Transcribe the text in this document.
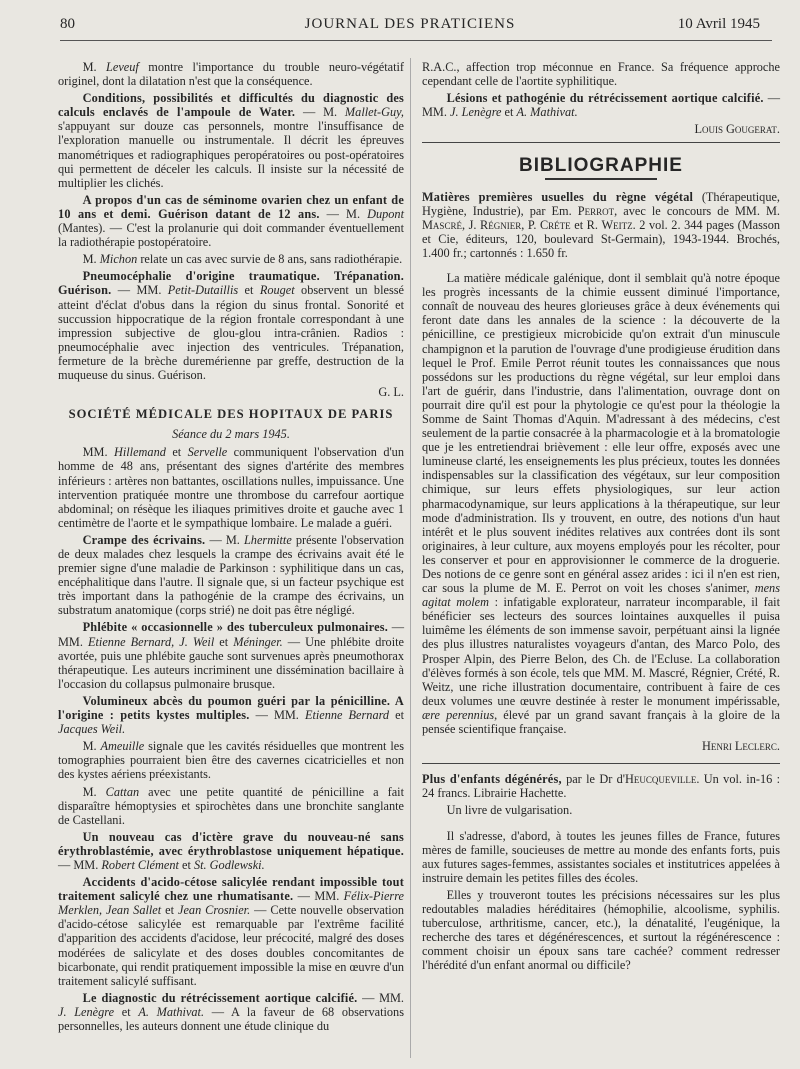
80	JOURNAL DES PRATICIENS	10 Avril 1945

M. Leveuf montre l'importance du trouble neuro-végétatif originel, dont la dilatation n'est que la conséquence.

Conditions, possibilités et difficultés du diagnostic des calculs enclavés de l'ampoule de Water. — M. Mallet-Guy, s'appuyant sur douze cas personnels, montre l'insuffisance de l'exploration manuelle ou instrumentale. Il décrit les épreuves manométriques et radiographiques peropératoires ou post-opératoires qui permettent de déceler les calculs. Il insiste sur la nécessité de multiplier les clichés.

A propos d'un cas de séminome ovarien chez un enfant de 10 ans et demi. Guérison datant de 12 ans. — M. Dupont (Mantes). — C'est la prolanurie qui doit commander éventuellement la radiothérapie postopératoire.

M. Michon relate un cas avec survie de 8 ans, sans radiothérapie.

Pneumocéphalie d'origine traumatique. Trépanation. Guérison. — MM. Petit-Dutaillis et Rouget observent un blessé atteint d'éclat d'obus dans la région du sinus frontal. Sonorité et succussion hippocratique de la région frontale correspondant à une impression subjective de glou-glou intra-crânien. Radios : pneumocéphalie avec injection des ventricules. Trépanation, fermeture de la brèche duremérienne par greffe, destruction de la muqueuse du sinus. Guérison.

G. L.
SOCIÉTÉ MÉDICALE DES HOPITAUX DE PARIS
Séance du 2 mars 1945.

MM. Hillemand et Servelle communiquent l'observation d'un homme de 48 ans, présentant des signes d'artérite des membres inférieurs : artères non battantes, oscillations nulles, impuissance. Une intervention pratiquée montre une thrombose du carrefour aortique abdominal; on résèque les iliaques primitives droite et gauche avec 1 centimètre de l'aorte et le sympathique lombaire. Le malade a guéri.

Crampe des écrivains. — M. Lhermitte présente l'observation de deux malades chez lesquels la crampe des écrivains avait été le premier signe d'une maladie de Parkinson : syphilitique dans un cas, encéphalitique dans l'autre. Il signale que, si un facteur psychique est très important dans la pathogénie de la crampe des écrivains, un substratum anatomique (corps strié) ne doit pas être négligé.

Phlébite « occasionnelle » des tuberculeux pulmonaires. — MM. Etienne Bernard, J. Weil et Méninger. — Une phlébite droite avortée, puis une phlébite gauche sont survenues après pneumothorax thérapeutique. Les auteurs incriminent une dissémination bacillaire à l'occasion du collapsus pulmonaire brusque.

Volumineux abcès du poumon guéri par la pénicilline. A l'origine : petits kystes multiples. — MM. Etienne Bernard et Jacques Weil.

M. Ameuille signale que les cavités résiduelles que montrent les tomographies pourraient bien être des cavernes cicatricielles et non des kystes aériens préexistants.

M. Cattan avec une petite quantité de pénicilline a fait disparaître hémoptysies et spirochètes dans une bronchite sanglante de Castellani.

Un nouveau cas d'ictère grave du nouveau-né sans érythroblastémie, avec érythroblastose uniquement hépatique. — MM. Robert Clément et St. Godlewski.

Accidents d'acido-cétose salicylée rendant impossible tout traitement salicylé chez une rhumatisante. — MM. Félix-Pierre Merklen, Jean Sallet et Jean Crosnier. — Cette nouvelle observation d'acido-cétose salicylée est remarquable par l'extrême facilité d'apparition des accidents d'acidose, leur précocité, malgré des doses modérées de salicylate et des doses doubles concomitantes de bicarbonate, qui rendit pratiquement impossible la mise en œuvre d'un traitement salicylé suffisant.

Le diagnostic du rétrécissement aortique calcifié. — MM. J. Lenègre et A. Mathivat. — A la faveur de 68 observations personnelles, les auteurs donnent une étude clinique du

R.A.C., affection trop méconnue en France. Sa fréquence approche cependant celle de l'aortite syphilitique.

Lésions et pathogénie du rétrécissement aortique calcifié. — MM. J. Lenègre et A. Mathivat.

Louis Gougerat.
BIBLIOGRAPHIE

Matières premières usuelles du règne végétal (Thérapeutique, Hygiène, Industrie), par Em. Perrot, avec le concours de MM. M. Mascré, J. Régnier, P. Créte et R. Weitz. 2 vol. 2. 344 pages (Masson et Cie, éditeurs, 120, boulevard St-Germain), 1943-1944. Brochés, 1.400 fr.; cartonnés : 1.650 fr.

La matière médicale galénique, dont il semblait qu'à notre époque les progrès incessants de la chimie eussent diminué l'importance, connaît de nouveau des heures glorieuses grâce à deux événements qui feront date dans les annales de la science : la découverte de la pénicilline, ce prestigieux microbicide qu'on extrait d'un minuscule champignon et la parution de l'ouvrage d'une prodigieuse érudition dans lequel le Prof. Emile Perrot réunit toutes les connaissances que nous possédons sur les productions du règne végétal, sur leur emploi dans l'art de guérir, dans l'industrie, dans l'alimentation, ouvrage dont on pourrait dire qu'il est pour la phytologie ce qu'est pour la théologie la Somme de Saint Thomas d'Aquin. M'adressant à des médecins, c'est seulement de la partie consacrée à la pharmacologie et à la bromatologie que je les entretiendrai brièvement : elle leur offre, exposés avec une lumineuse clarté, les enseignements les plus précieux, toutes les données indispensables sur la classification des végétaux, sur leur composition chimique, sur leurs effets physiologiques, sur leur action pharmacodynamique, sur leurs applications à la thérapeutique, sur leur mode d'administration. Ils y trouvent, en outre, des notions d'un haut intérêt et le plus souvent inédites relatives aux contrées dont ils sont originaires, à leur culture, aux moyens employés pour les récolter, pour les conserver et pour en approvisionner le commerce de la droguerie. Des notions de ce genre sont en général assez arides : ici il n'en est rien, car sous la plume de M. E. Perrot on voit les choses s'animer, mens agitat molem : infatigable explorateur, narrateur incomparable, il fait bénéficier ses lecteurs des sources lointaines auxquelles il puisa luimême les éléments de son immense savoir, perpétuant ainsi la lignée des plus illustres naturalistes voyageurs d'antan, des Marco Polo, des Prosper Alpin, des Pierre Belon, des Ch. de l'Ecluse. La collaboration d'élèves formés à son école, tels que MM. M. Mascré, Régnier, Crété, R. Weitz, une riche illustration documentaire, contribuent à faire de ces deux volumes une œuvre destinée à rester le monument impérissable, ære perennius, élevé par un grand savant français à la gloire de la pensée scientifique française.

Henri Leclerc.

Plus d'enfants dégénérés, par le Dr d'Heucqueville. Un vol. in-16 : 24 francs. Librairie Hachette.

Un livre de vulgarisation.

Il s'adresse, d'abord, à toutes les jeunes filles de France, futures mères de famille, soucieuses de mettre au monde des enfants forts, puis aux futures sages-femmes, assistantes sociales et institutrices appelées à instruire demain les petites filles des écoles.

Elles y trouveront toutes les précisions nécessaires sur les plus redoutables maladies héréditaires (hémophilie, alcoolisme, syphilis. tuberculose, arthritisme, cancer, etc.), la dénatalité, l'eugénique, la recherche des tares et dégénérescences, et surtout la régénérescence : comment choisir un époux sans tare cachée? comment redresser l'hérédité d'un enfant anormal ou difficile?
